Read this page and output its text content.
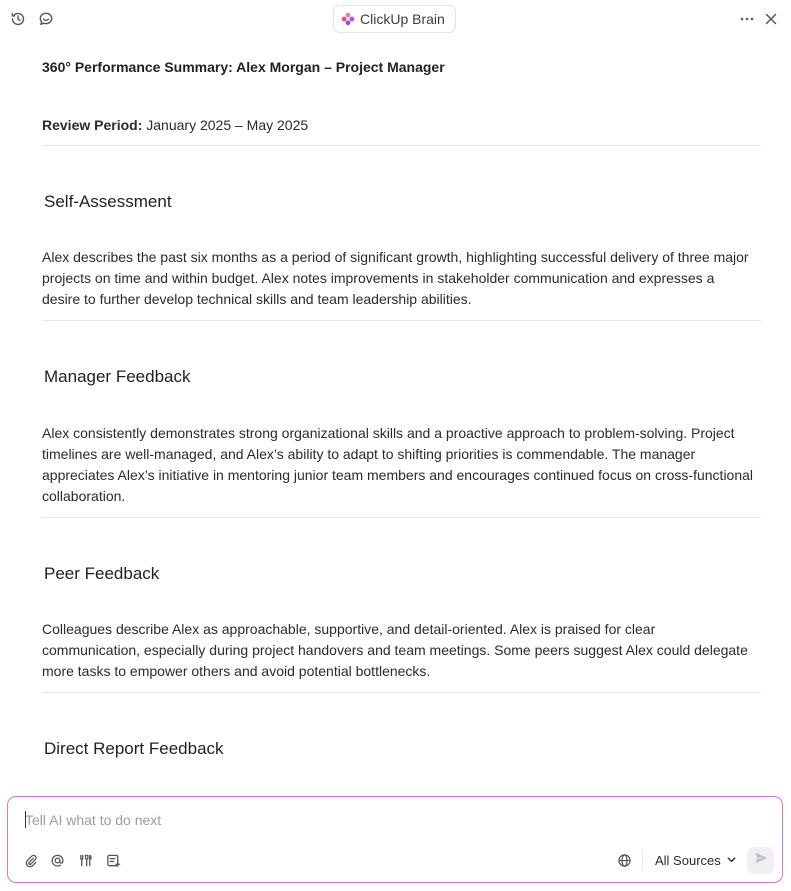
ClickUp Brain
360° Performance Summary: Alex Morgan – Project Manager
Review Period: January 2025 – May 2025
Self-Assessment
Alex describes the past six months as a period of significant growth, highlighting successful delivery of three major projects on time and within budget. Alex notes improvements in stakeholder communication and expresses a desire to further develop technical skills and team leadership abilities.
Manager Feedback
Alex consistently demonstrates strong organizational skills and a proactive approach to problem-solving. Project timelines are well-managed, and Alex’s ability to adapt to shifting priorities is commendable. The manager appreciates Alex’s initiative in mentoring junior team members and encourages continued focus on cross-functional collaboration.
Peer Feedback
Colleagues describe Alex as approachable, supportive, and detail-oriented. Alex is praised for clear communication, especially during project handovers and team meetings. Some peers suggest Alex could delegate more tasks to empower others and avoid potential bottlenecks.
Direct Report Feedback
Tell AI what to do next
All Sources
